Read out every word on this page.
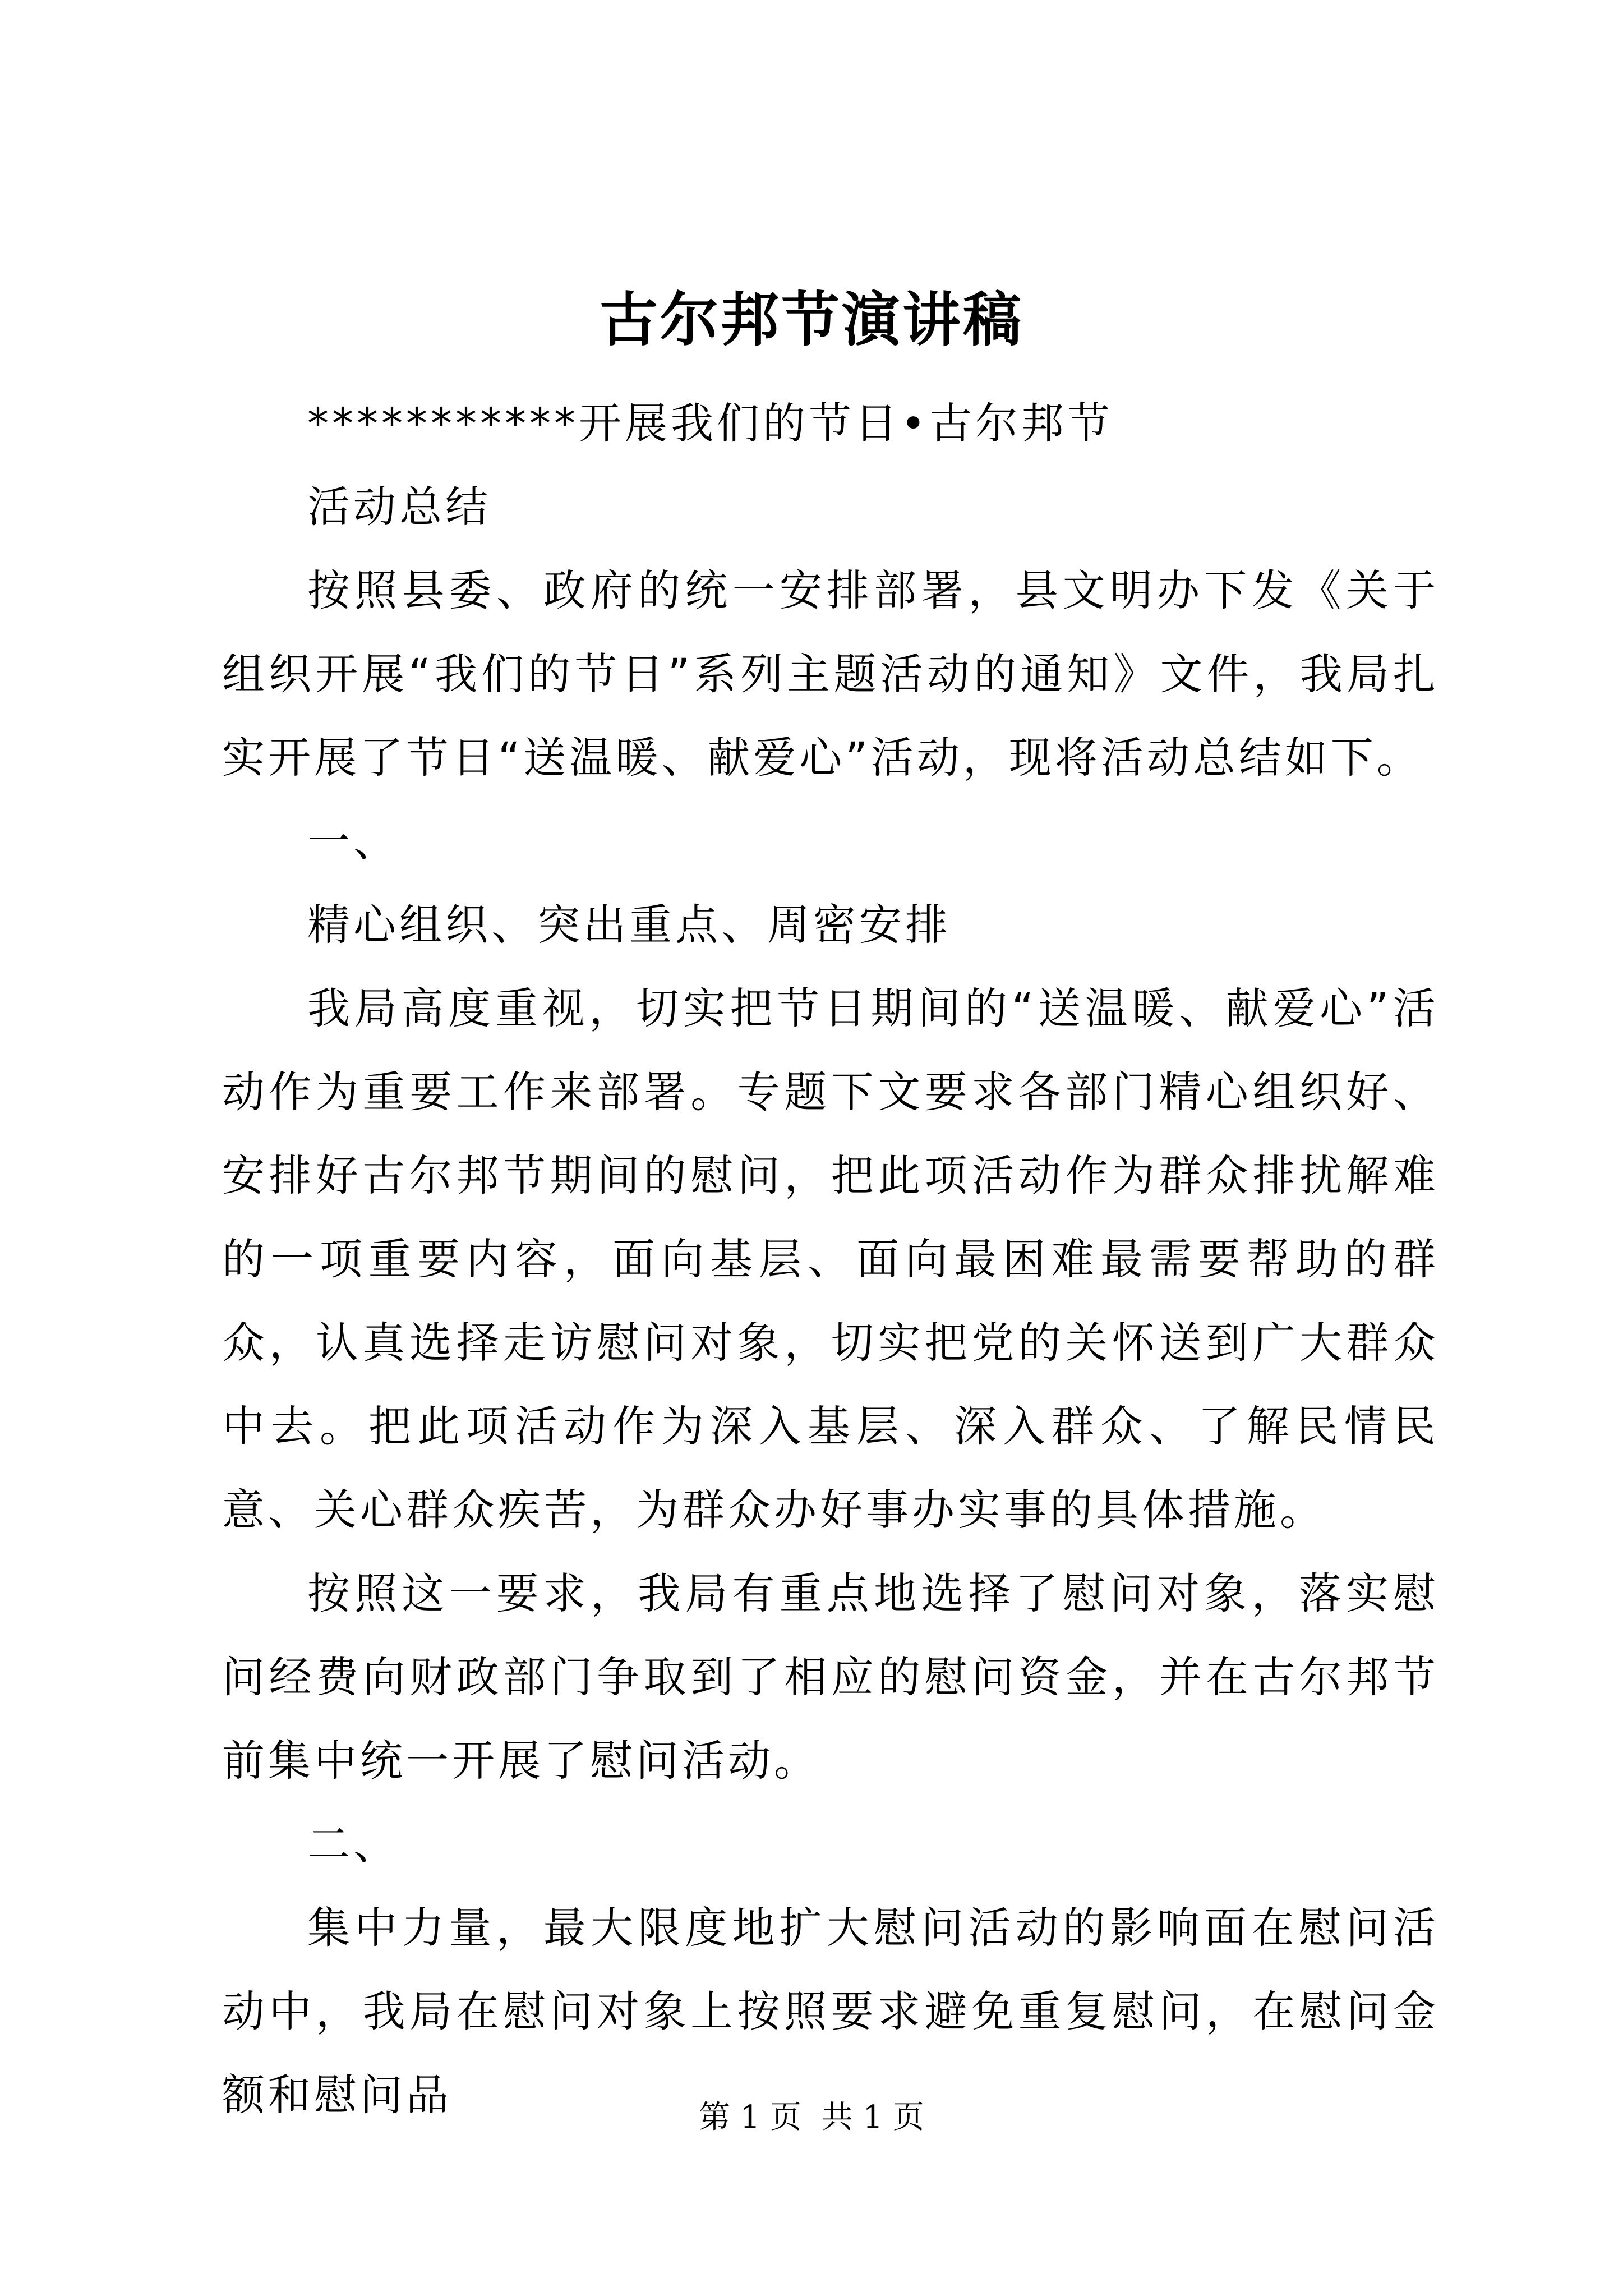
古尔邦节演讲稿

***********开展我们的节日•古尔邦节

活动总结

按照县委、政府的统一安排部署，县文明办下发《关于组织开展“我们的节日”系列主题活动的通知》文件，我局扎实开展了节日“送温暖、献爱心”活动，现将活动总结如下。

一、

精心组织、突出重点、周密安排

我局高度重视，切实把节日期间的“送温暖、献爱心”活动作为重要工作来部署。专题下文要求各部门精心组织好、安排好古尔邦节期间的慰问，把此项活动作为群众排扰解难的一项重要内容，面向基层、面向最困难最需要帮助的群众，认真选择走访慰问对象，切实把党的关怀送到广大群众中去。把此项活动作为深入基层、深入群众、了解民情民意、关心群众疾苦，为群众办好事办实事的具体措施。

按照这一要求，我局有重点地选择了慰问对象，落实慰问经费向财政部门争取到了相应的慰问资金，并在古尔邦节前集中统一开展了慰问活动。

二、

集中力量，最大限度地扩大慰问活动的影响面在慰问活动中，我局在慰问对象上按照要求避免重复慰问，在慰问金额和慰问品	第 1 页 共 1 页
